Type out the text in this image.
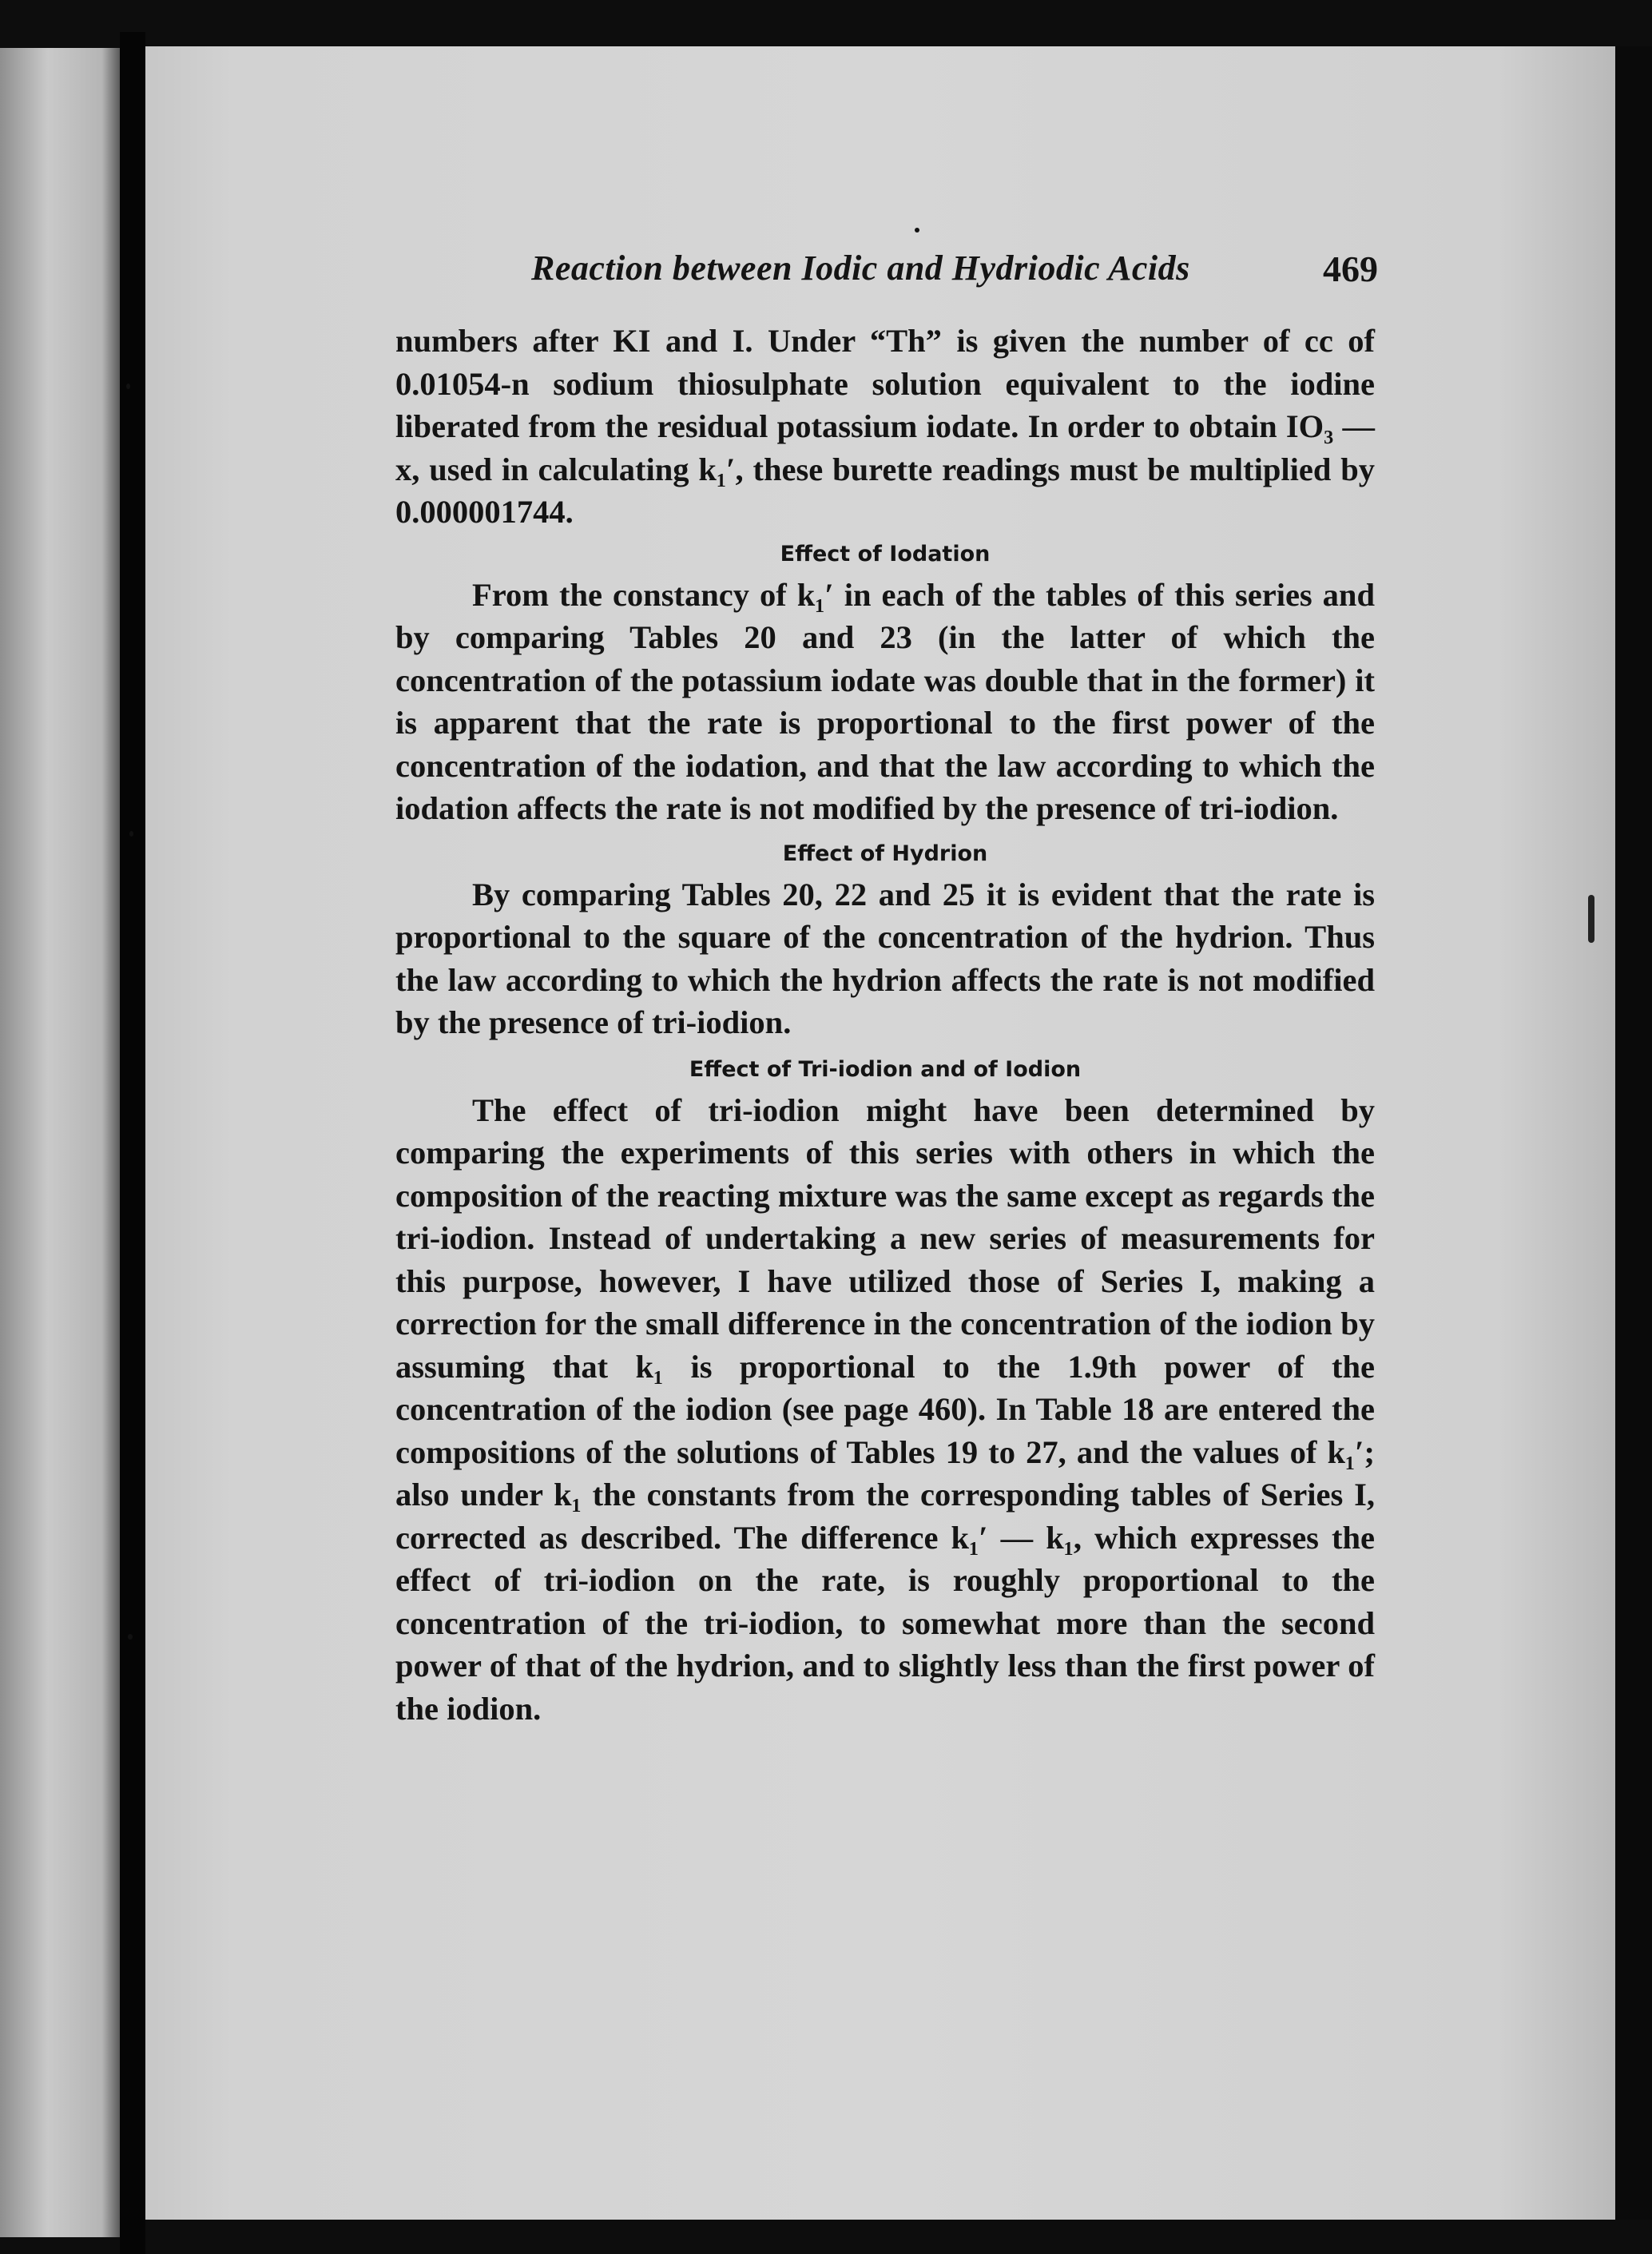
Reaction between Iodic and Hydriodic Acids	469

numbers after KI and I. Under “Th” is given the number of cc of 0.01054-n sodium thiosulphate solution equivalent to the iodine liberated from the residual potassium iodate. In order to obtain IO₃ — x, used in calculating k₁′, these burette readings must be multiplied by 0.000001744.

Effect of Iodation

From the constancy of k₁′ in each of the tables of this series and by comparing Tables 20 and 23 (in the latter of which the concentration of the potassium iodate was double that in the former) it is apparent that the rate is proportional to the first power of the concentration of the iodation, and that the law according to which the iodation affects the rate is not modified by the presence of tri-iodion.

Effect of Hydrion

By comparing Tables 20, 22 and 25 it is evident that the rate is proportional to the square of the concentration of the hydrion. Thus the law according to which the hydrion affects the rate is not modified by the presence of tri-iodion.

Effect of Tri-iodion and of Iodion

The effect of tri-iodion might have been determined by comparing the experiments of this series with others in which the composition of the reacting mixture was the same except as regards the tri-iodion. Instead of undertaking a new series of measurements for this purpose, however, I have utilized those of Series I, making a correction for the small difference in the concentration of the iodion by assuming that k₁ is proportional to the 1.9th power of the concentration of the iodion (see page 460). In Table 18 are entered the compositions of the solutions of Tables 19 to 27, and the values of k₁′; also under k₁ the constants from the corresponding tables of Series I, corrected as described. The difference k₁′ — k₁, which expresses the effect of tri-iodion on the rate, is roughly proportional to the concentration of the tri-iodion, to somewhat more than the second power of that of the hydrion, and to slightly less than the first power of the iodion.
